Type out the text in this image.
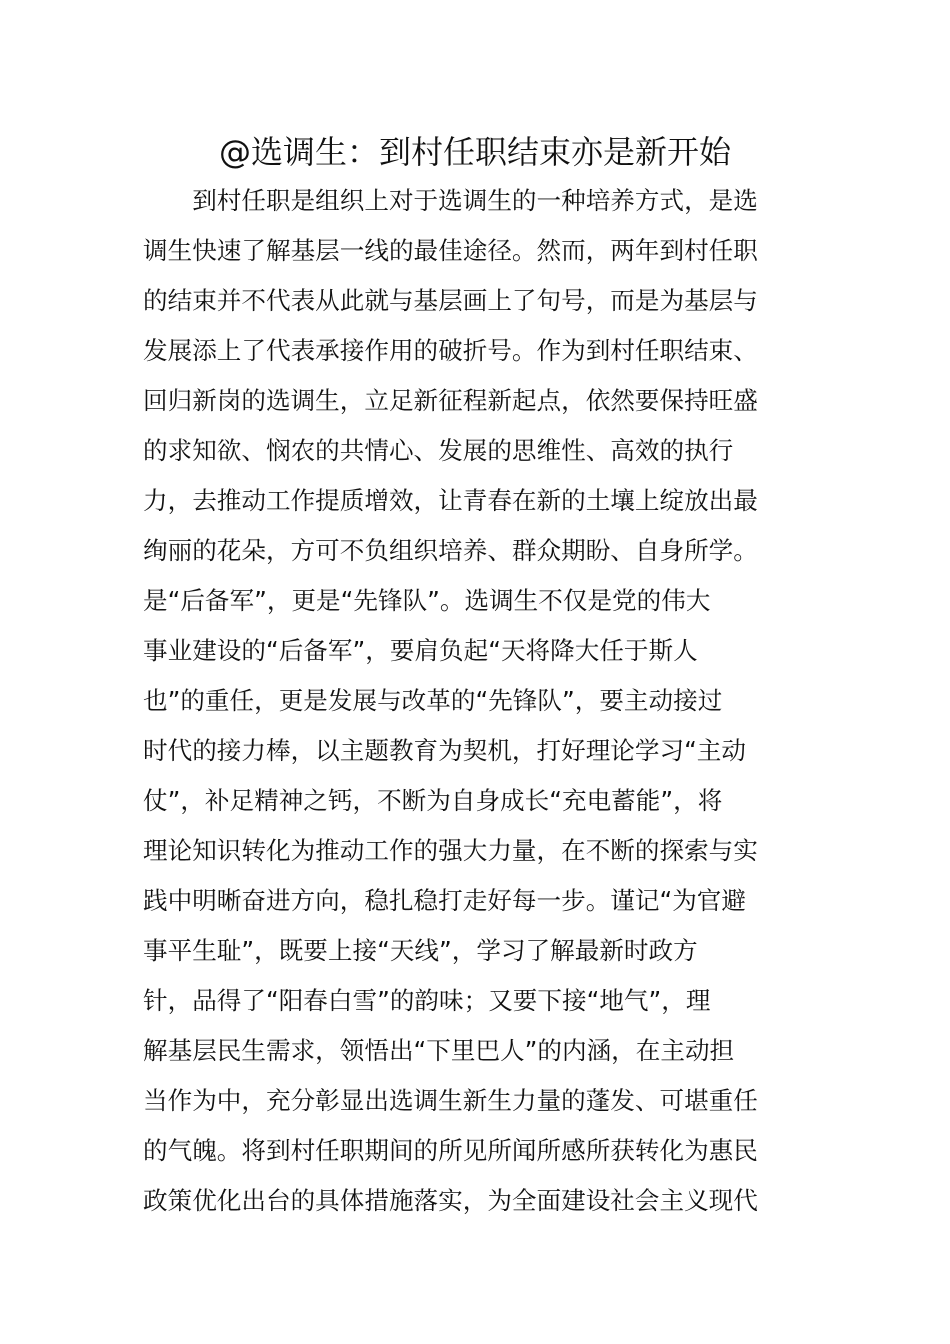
@选调生：到村任职结束亦是新开始
　　到村任职是组织上对于选调生的一种培养方式，是选
调生快速了解基层一线的最佳途径。然而，两年到村任职
的结束并不代表从此就与基层画上了句号，而是为基层与
发展添上了代表承接作用的破折号。作为到村任职结束、
回归新岗的选调生，立足新征程新起点，依然要保持旺盛
的求知欲、悯农的共情心、发展的思维性、高效的执行
力，去推动工作提质增效，让青春在新的土壤上绽放出最
绚丽的花朵，方可不负组织培养、群众期盼、自身所学。
是“后备军”，更是“先锋队”。选调生不仅是党的伟大
事业建设的“后备军”，要肩负起“天将降大任于斯人
也”的重任，更是发展与改革的“先锋队”，要主动接过
时代的接力棒，以主题教育为契机，打好理论学习“主动
仗”，补足精神之钙，不断为自身成长“充电蓄能”，将
理论知识转化为推动工作的强大力量，在不断的探索与实
践中明晰奋进方向，稳扎稳打走好每一步。谨记“为官避
事平生耻”，既要上接“天线”，学习了解最新时政方
针，品得了“阳春白雪”的韵味；又要下接“地气”，理
解基层民生需求，领悟出“下里巴人”的内涵，在主动担
当作为中，充分彰显出选调生新生力量的蓬发、可堪重任
的气魄。将到村任职期间的所见所闻所感所获转化为惠民
政策优化出台的具体措施落实，为全面建设社会主义现代
